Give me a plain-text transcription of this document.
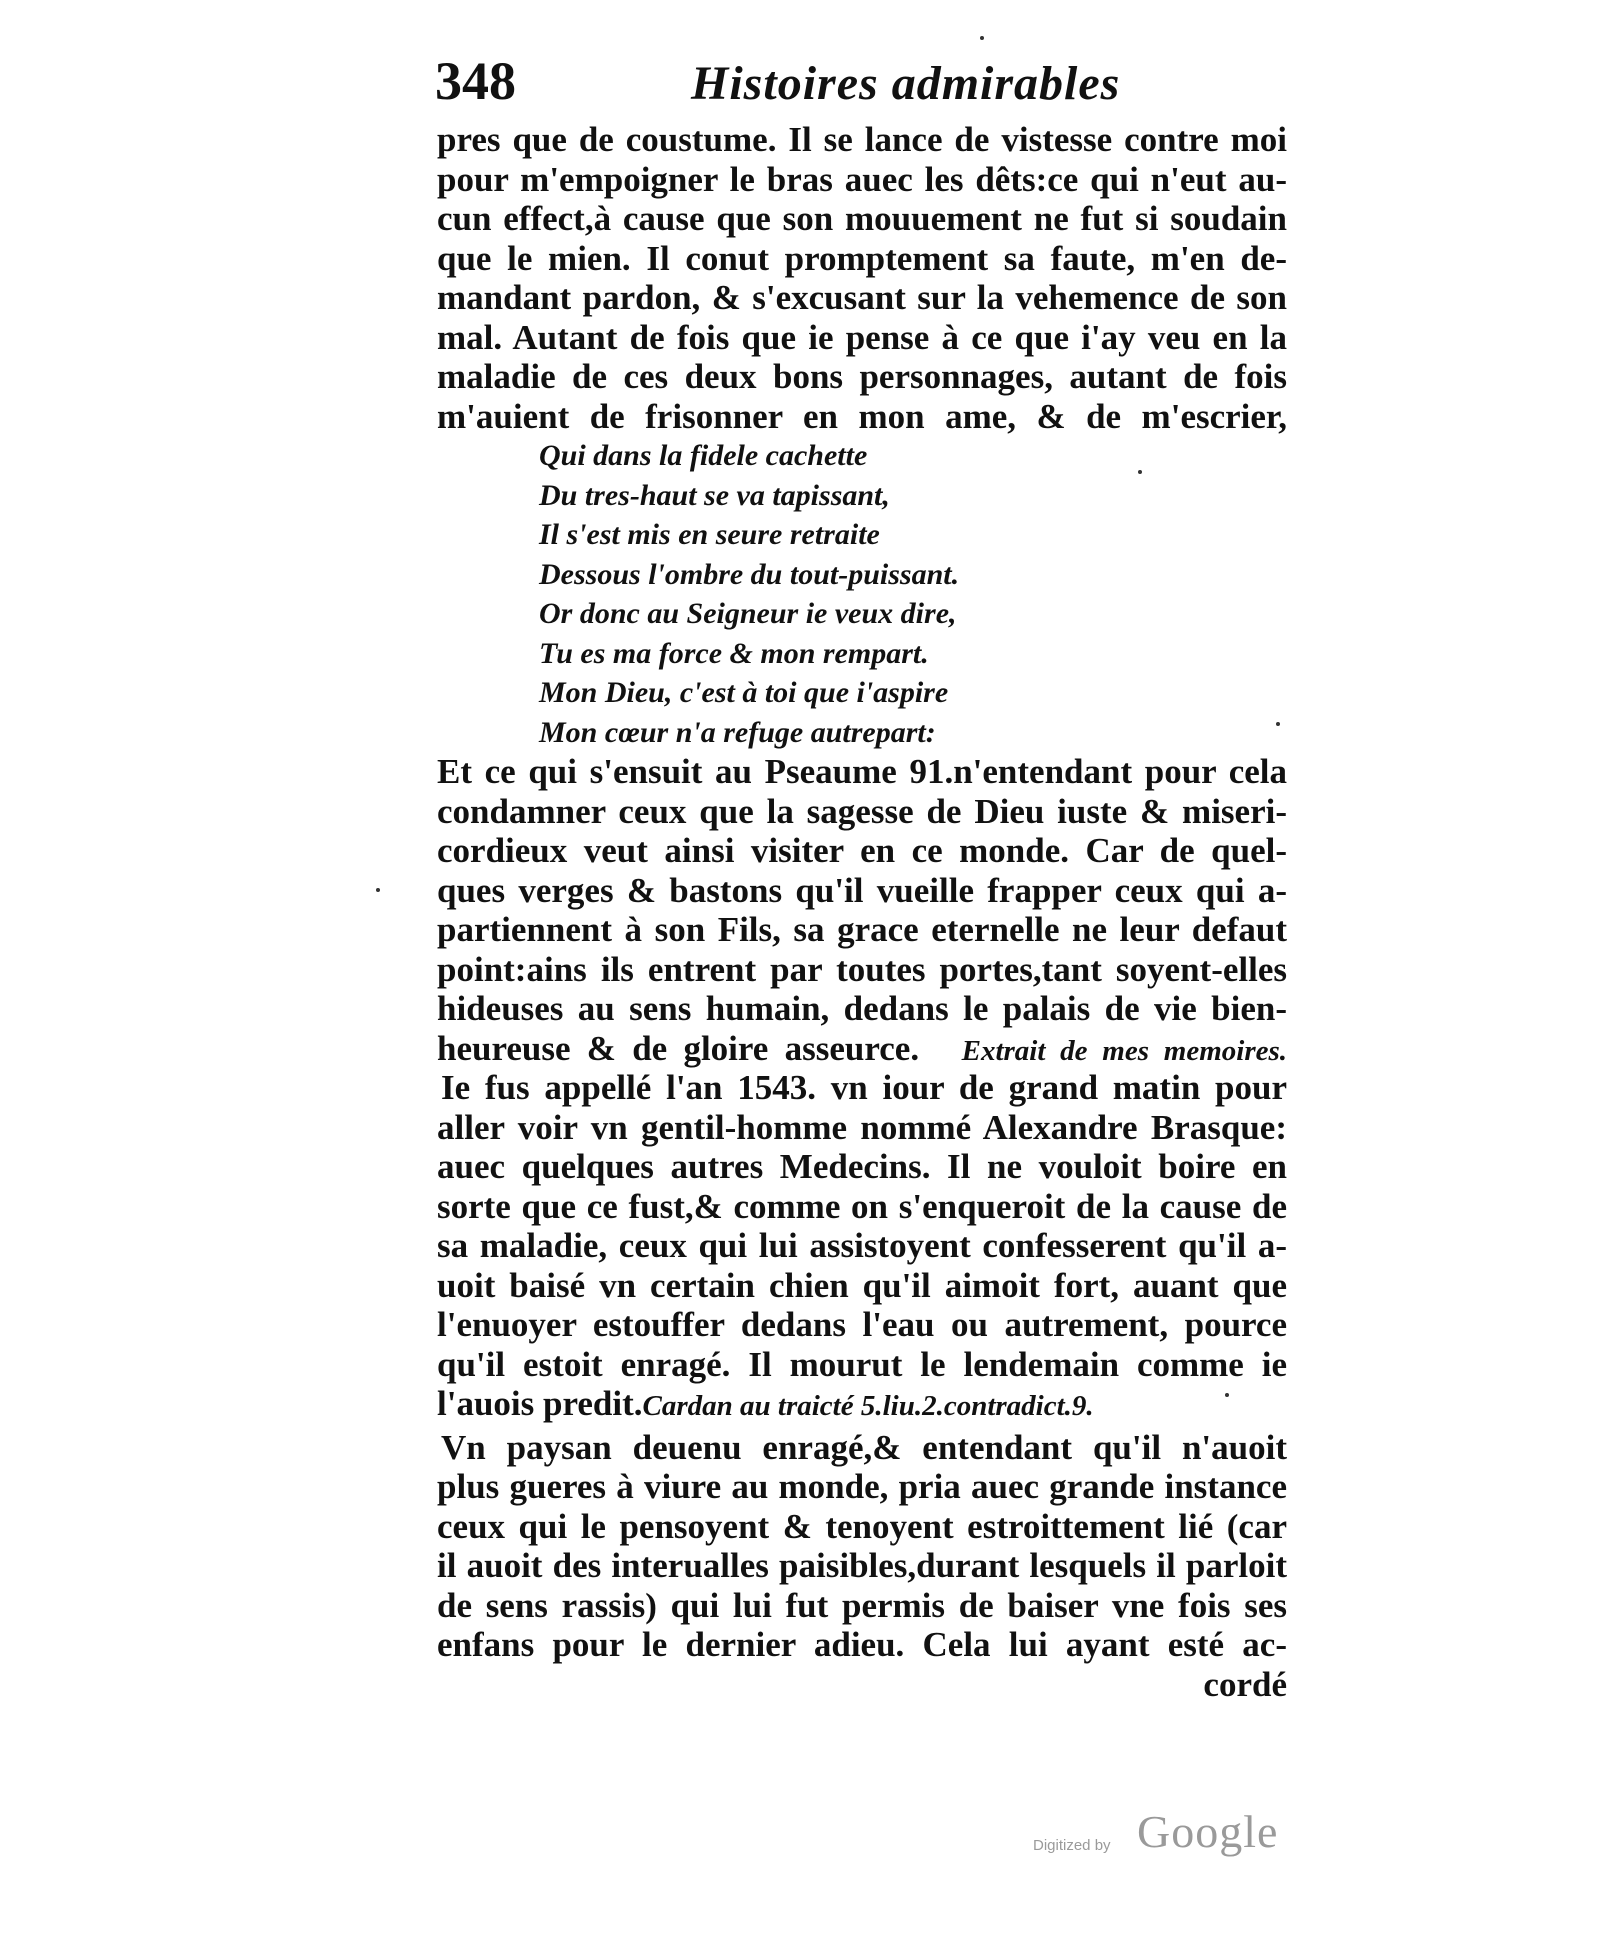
348	Histoires admirables
pres que de coustume. Il se lance de vistesse contre moi
pour m'empoigner le bras auec les dêts:ce qui n'eut au-
cun effect,à cause que son mouuement ne fut si soudain
que le mien. Il conut promptement sa faute, m'en de-
mandant pardon, & s'excusant sur la vehemence de son
mal. Autant de fois que ie pense à ce que i'ay veu en la
maladie de ces deux bons personnages, autant de fois
m'auient de frisonner en mon ame, & de m'escrier,
Qui dans la fidele cachette
Du tres-haut se va tapissant,
Il s'est mis en seure retraite
Dessous l'ombre du tout-puissant.
Or donc au Seigneur ie veux dire,
Tu es ma force & mon rempart.
Mon Dieu, c'est à toi que i'aspire
Mon cœur n'a refuge autrepart:
Et ce qui s'ensuit au Pseaume 91.n'entendant pour cela
condamner ceux que la sagesse de Dieu iuste & miseri-
cordieux veut ainsi visiter en ce monde. Car de quel-
ques verges & bastons qu'il vueille frapper ceux qui a-
partiennent à son Fils, sa grace eternelle ne leur defaut
point:ains ils entrent par toutes portes,tant soyent-elles
hideuses au sens humain, dedans le palais de vie bien-
heureuse & de gloire asseurce. Extrait de mes memoires.
Ie fus appellé l'an 1543. vn iour de grand matin pour
aller voir vn gentil-homme nommé Alexandre Brasque:
auec quelques autres Medecins. Il ne vouloit boire en
sorte que ce fust,& comme on s'enqueroit de la cause de
sa maladie, ceux qui lui assistoyent confesserent qu'il a-
uoit baisé vn certain chien qu'il aimoit fort, auant que
l'enuoyer estouffer dedans l'eau ou autrement, pource
qu'il estoit enragé. Il mourut le lendemain comme ie
l'auois predit.Cardan au traicté 5.liu.2.contradict.9.
Vn paysan deuenu enragé,& entendant qu'il n'auoit
plus gueres à viure au monde, pria auec grande instance
ceux qui le pensoyent & tenoyent estroittement lié (car
il auoit des interualles paisibles,durant lesquels il parloit
de sens rassis) qui lui fut permis de baiser vne fois ses
enfans pour le dernier adieu. Cela lui ayant esté ac-
cordé
Digitized by Google
